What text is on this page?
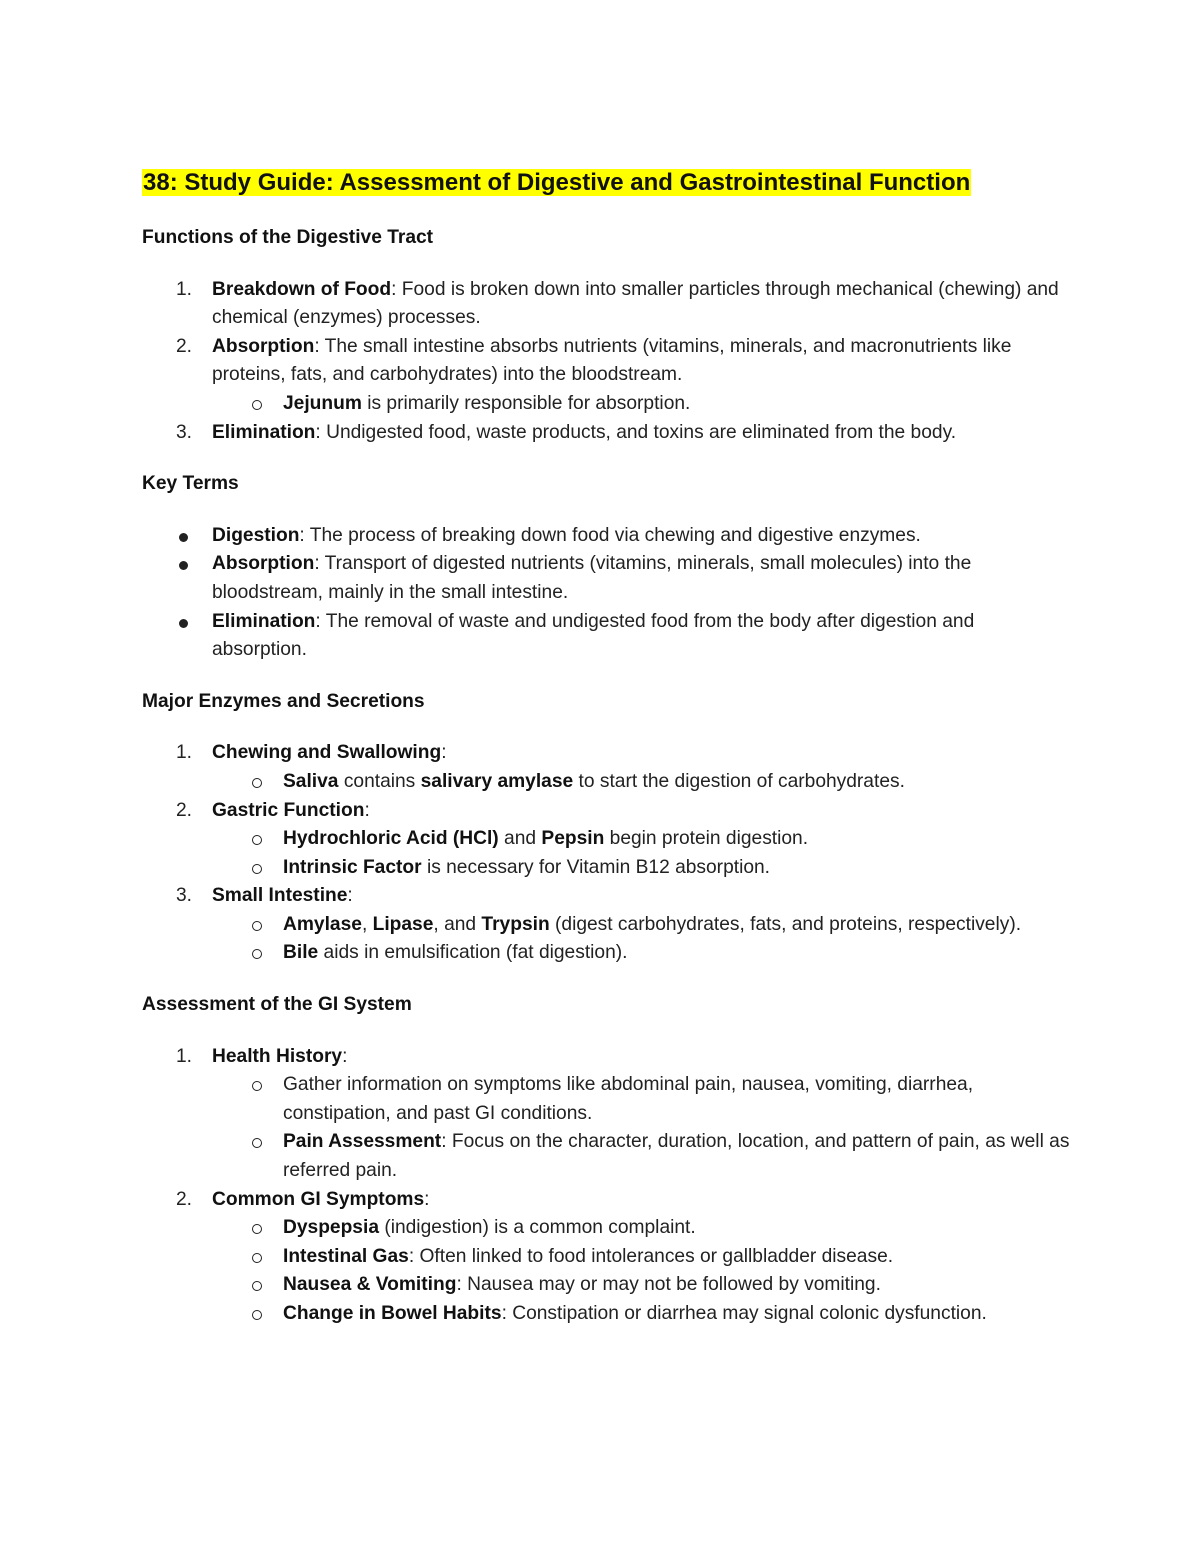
38: Study Guide: Assessment of Digestive and Gastrointestinal Function
Functions of the Digestive Tract
1.	Breakdown of Food: Food is broken down into smaller particles through mechanical (chewing) and chemical (enzymes) processes.
2.	Absorption: The small intestine absorbs nutrients (vitamins, minerals, and macronutrients like proteins, fats, and carbohydrates) into the bloodstream.
Jejunum is primarily responsible for absorption.
3.	Elimination: Undigested food, waste products, and toxins are eliminated from the body.
Key Terms
Digestion: The process of breaking down food via chewing and digestive enzymes.
Absorption: Transport of digested nutrients (vitamins, minerals, small molecules) into the bloodstream, mainly in the small intestine.
Elimination: The removal of waste and undigested food from the body after digestion and absorption.
Major Enzymes and Secretions
1.	Chewing and Swallowing:
Saliva contains salivary amylase to start the digestion of carbohydrates.
2.	Gastric Function:
Hydrochloric Acid (HCl) and Pepsin begin protein digestion.
Intrinsic Factor is necessary for Vitamin B12 absorption.
3.	Small Intestine:
Amylase, Lipase, and Trypsin (digest carbohydrates, fats, and proteins, respectively).
Bile aids in emulsification (fat digestion).
Assessment of the GI System
1.	Health History:
Gather information on symptoms like abdominal pain, nausea, vomiting, diarrhea, constipation, and past GI conditions.
Pain Assessment: Focus on the character, duration, location, and pattern of pain, as well as referred pain.
2.	Common GI Symptoms:
Dyspepsia (indigestion) is a common complaint.
Intestinal Gas: Often linked to food intolerances or gallbladder disease.
Nausea & Vomiting: Nausea may or may not be followed by vomiting.
Change in Bowel Habits: Constipation or diarrhea may signal colonic dysfunction.
